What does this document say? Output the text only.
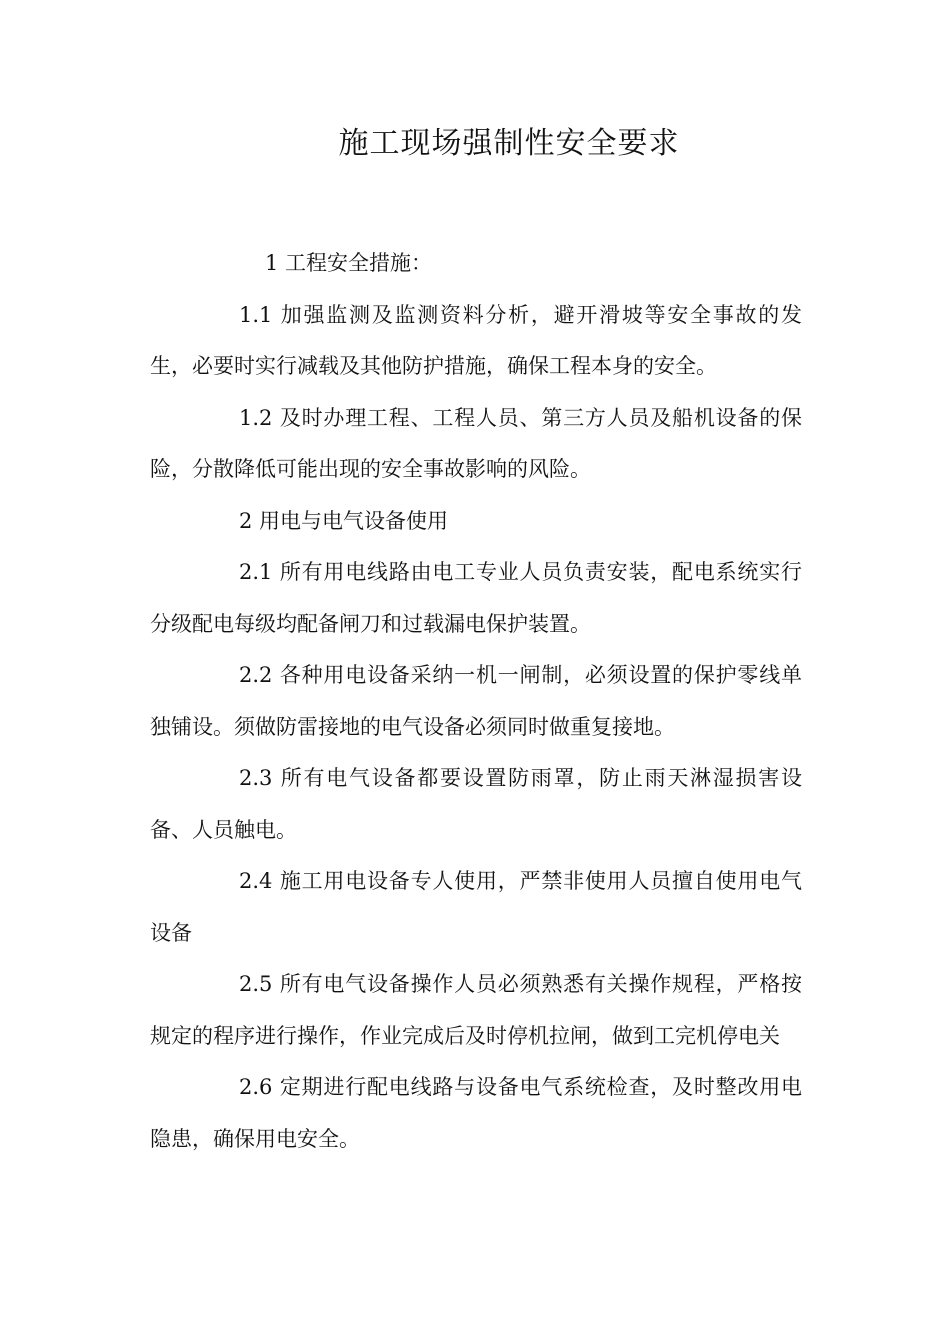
施工现场强制性安全要求

1 工程安全措施：

1.1 加强监测及监测资料分析，避开滑坡等安全事故的发生，必要时实行减载及其他防护措施，确保工程本身的安全。

1.2 及时办理工程、工程人员、第三方人员及船机设备的保险，分散降低可能出现的安全事故影响的风险。

2 用电与电气设备使用

2.1 所有用电线路由电工专业人员负责安装，配电系统实行分级配电每级均配备闸刀和过载漏电保护装置。

2.2 各种用电设备采纳一机一闸制，必须设置的保护零线单独铺设。须做防雷接地的电气设备必须同时做重复接地。

2.3 所有电气设备都要设置防雨罩，防止雨天淋湿损害设备、人员触电。

2.4 施工用电设备专人使用，严禁非使用人员擅自使用电气设备

2.5 所有电气设备操作人员必须熟悉有关操作规程，严格按规定的程序进行操作，作业完成后及时停机拉闸，做到工完机停电关

2.6 定期进行配电线路与设备电气系统检查，及时整改用电隐患，确保用电安全。
